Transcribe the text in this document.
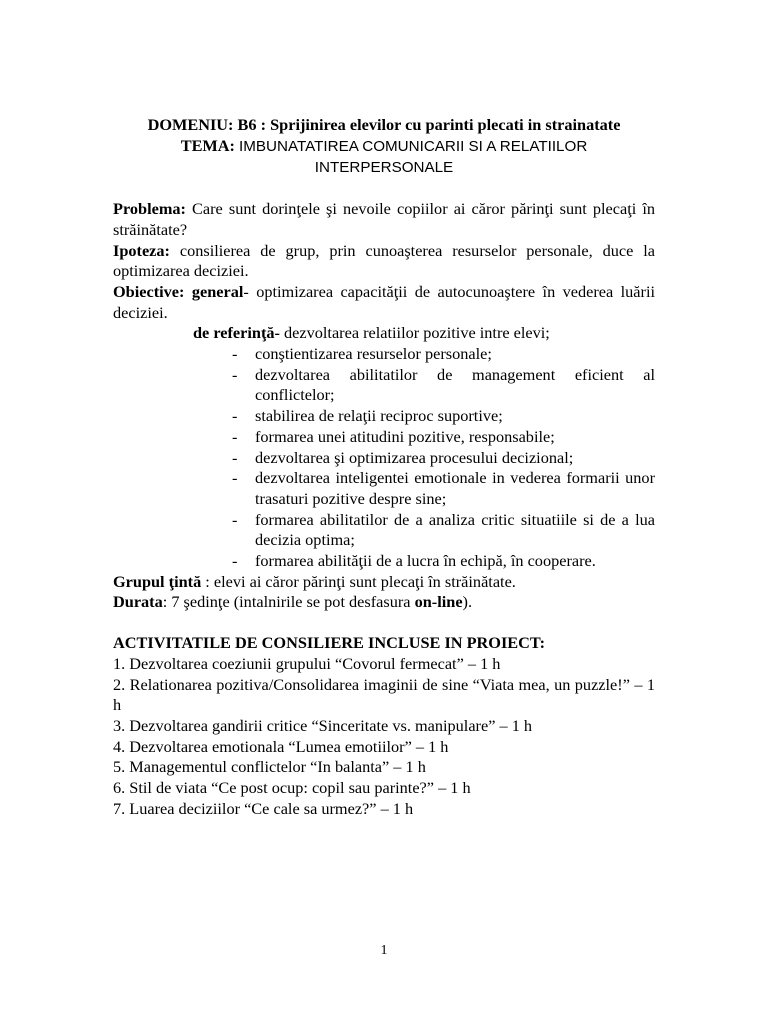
DOMENIU: B6 : Sprijinirea elevilor cu parinti plecati in strainatate

TEMA: IMBUNATATIREA COMUNICARII SI A RELATIILOR INTERPERSONALE

Problema: Care sunt dorinţele şi nevoile copiilor ai căror părinţi sunt plecaţi în străinătate?

Ipoteza: consilierea de grup, prin cunoaşterea resurselor personale, duce la optimizarea deciziei.

Obiective: general- optimizarea capacităţii de autocunoaştere în vederea luării deciziei.

de referinţă- dezvoltarea relatiilor pozitive intre elevi;

- conştientizarea resurselor personale;
- dezvoltarea abilitatilor de management eficient al conflictelor;
- stabilirea de relaţii reciproc suportive;
- formarea unei atitudini pozitive, responsabile;
- dezvoltarea şi optimizarea procesului decizional;
- dezvoltarea inteligentei emotionale in vederea formarii unor trasaturi pozitive despre sine;
- formarea abilitatilor de a analiza critic situatiile si de a lua decizia optima;
- formarea abilităţii de a lucra în echipă, în cooperare.

Grupul ţintă : elevi ai căror părinţi sunt plecaţi în străinătate.

Durata: 7 şedinţe (intalnirile se pot desfasura on-line).

ACTIVITATILE DE CONSILIERE INCLUSE IN PROIECT:

1. Dezvoltarea coeziunii grupului “Covorul fermecat” – 1 h

2. Relationarea pozitiva/Consolidarea imaginii de sine “Viata mea, un puzzle!” – 1 h

3. Dezvoltarea gandirii critice “Sinceritate vs. manipulare” – 1 h

4. Dezvoltarea emotionala “Lumea emotiilor” – 1 h

5. Managementul conflictelor “In balanta” – 1 h

6. Stil de viata “Ce post ocup: copil sau parinte?” – 1 h

7. Luarea deciziilor “Ce cale sa urmez?” – 1 h

1
